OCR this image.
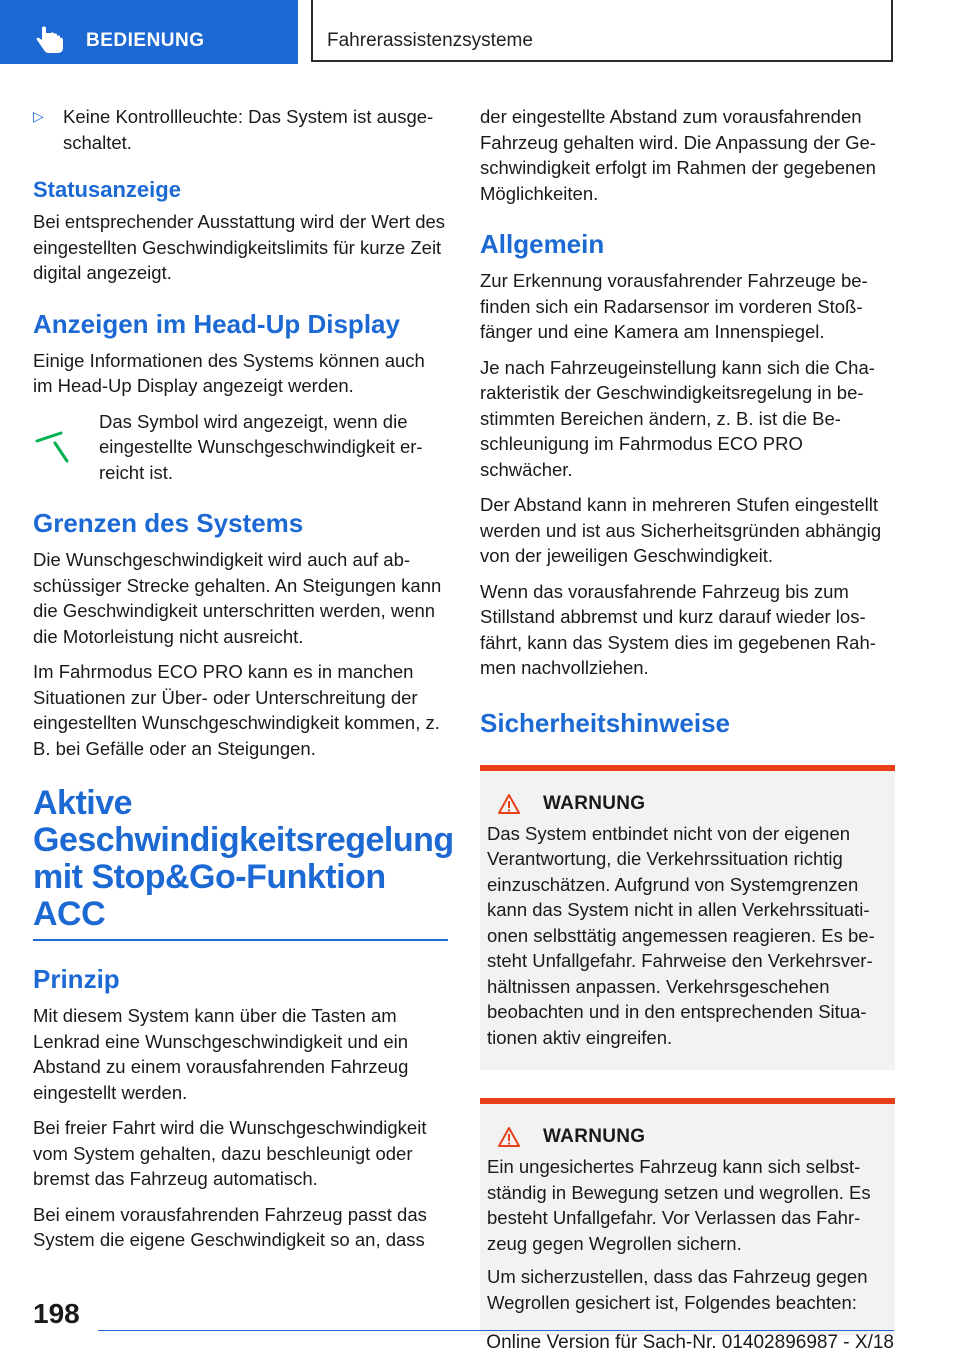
BEDIENUNG	Fahrerassistenzsysteme
▷	Keine Kontrollleuchte: Das System ist ausgeschaltet.
Statusanzeige

Bei entsprechender Ausstattung wird der Wert des eingestellten Geschwindigkeitslimits für kurze Zeit digital angezeigt.

Anzeigen im Head-Up Display

Einige Informationen des Systems können auch im Head-Up Display angezeigt werden.

Das Symbol wird angezeigt, wenn die eingestellte Wunschgeschwindigkeit erreicht ist.
Grenzen des Systems

Die Wunschgeschwindigkeit wird auch auf abschüssiger Strecke gehalten. An Steigungen kann die Geschwindigkeit unterschritten werden, wenn die Motorleistung nicht ausreicht.

Im Fahrmodus ECO PRO kann es in manchen Situationen zur Über- oder Unterschreitung der eingestellten Wunschgeschwindigkeit kommen, z. B. bei Gefälle oder an Steigungen.

Aktive Geschwindigkeitsregelung mit Stop&Go-Funktion ACC
Prinzip

Mit diesem System kann über die Tasten am Lenkrad eine Wunschgeschwindigkeit und ein Abstand zu einem vorausfahrenden Fahrzeug eingestellt werden.

Bei freier Fahrt wird die Wunschgeschwindigkeit vom System gehalten, dazu beschleunigt oder bremst das Fahrzeug automatisch.

Bei einem vorausfahrenden Fahrzeug passt das System die eigene Geschwindigkeit so an, dass

der eingestellte Abstand zum vorausfahrenden Fahrzeug gehalten wird. Die Anpassung der Geschwindigkeit erfolgt im Rahmen der gegebenen Möglichkeiten.

Allgemein

Zur Erkennung vorausfahrender Fahrzeuge befinden sich ein Radarsensor im vorderen Stoßfänger und eine Kamera am Innenspiegel.

Je nach Fahrzeugeinstellung kann sich die Charakteristik der Geschwindigkeitsregelung in bestimmten Bereichen ändern, z. B. ist die Beschleunigung im Fahrmodus ECO PRO schwächer.

Der Abstand kann in mehreren Stufen eingestellt werden und ist aus Sicherheitsgründen abhängig von der jeweiligen Geschwindigkeit.

Wenn das vorausfahrende Fahrzeug bis zum Stillstand abbremst und kurz darauf wieder losfährt, kann das System dies im gegebenen Rahmen nachvollziehen.

Sicherheitshinweise
WARNUNG

Das System entbindet nicht von der eigenen Verantwortung, die Verkehrssituation richtig einzuschätzen. Aufgrund von Systemgrenzen kann das System nicht in allen Verkehrssituationen selbsttätig angemessen reagieren. Es besteht Unfallgefahr. Fahrweise den Verkehrsverhältnissen anpassen. Verkehrsgeschehen beobachten und in den entsprechenden Situationen aktiv eingreifen.

WARNUNG

Ein ungesichertes Fahrzeug kann sich selbstständig in Bewegung setzen und wegrollen. Es besteht Unfallgefahr. Vor Verlassen das Fahrzeug gegen Wegrollen sichern.

Um sicherzustellen, dass das Fahrzeug gegen Wegrollen gesichert ist, Folgendes beachten:

198
Online Version für Sach-Nr. 01402896987 - X/18
